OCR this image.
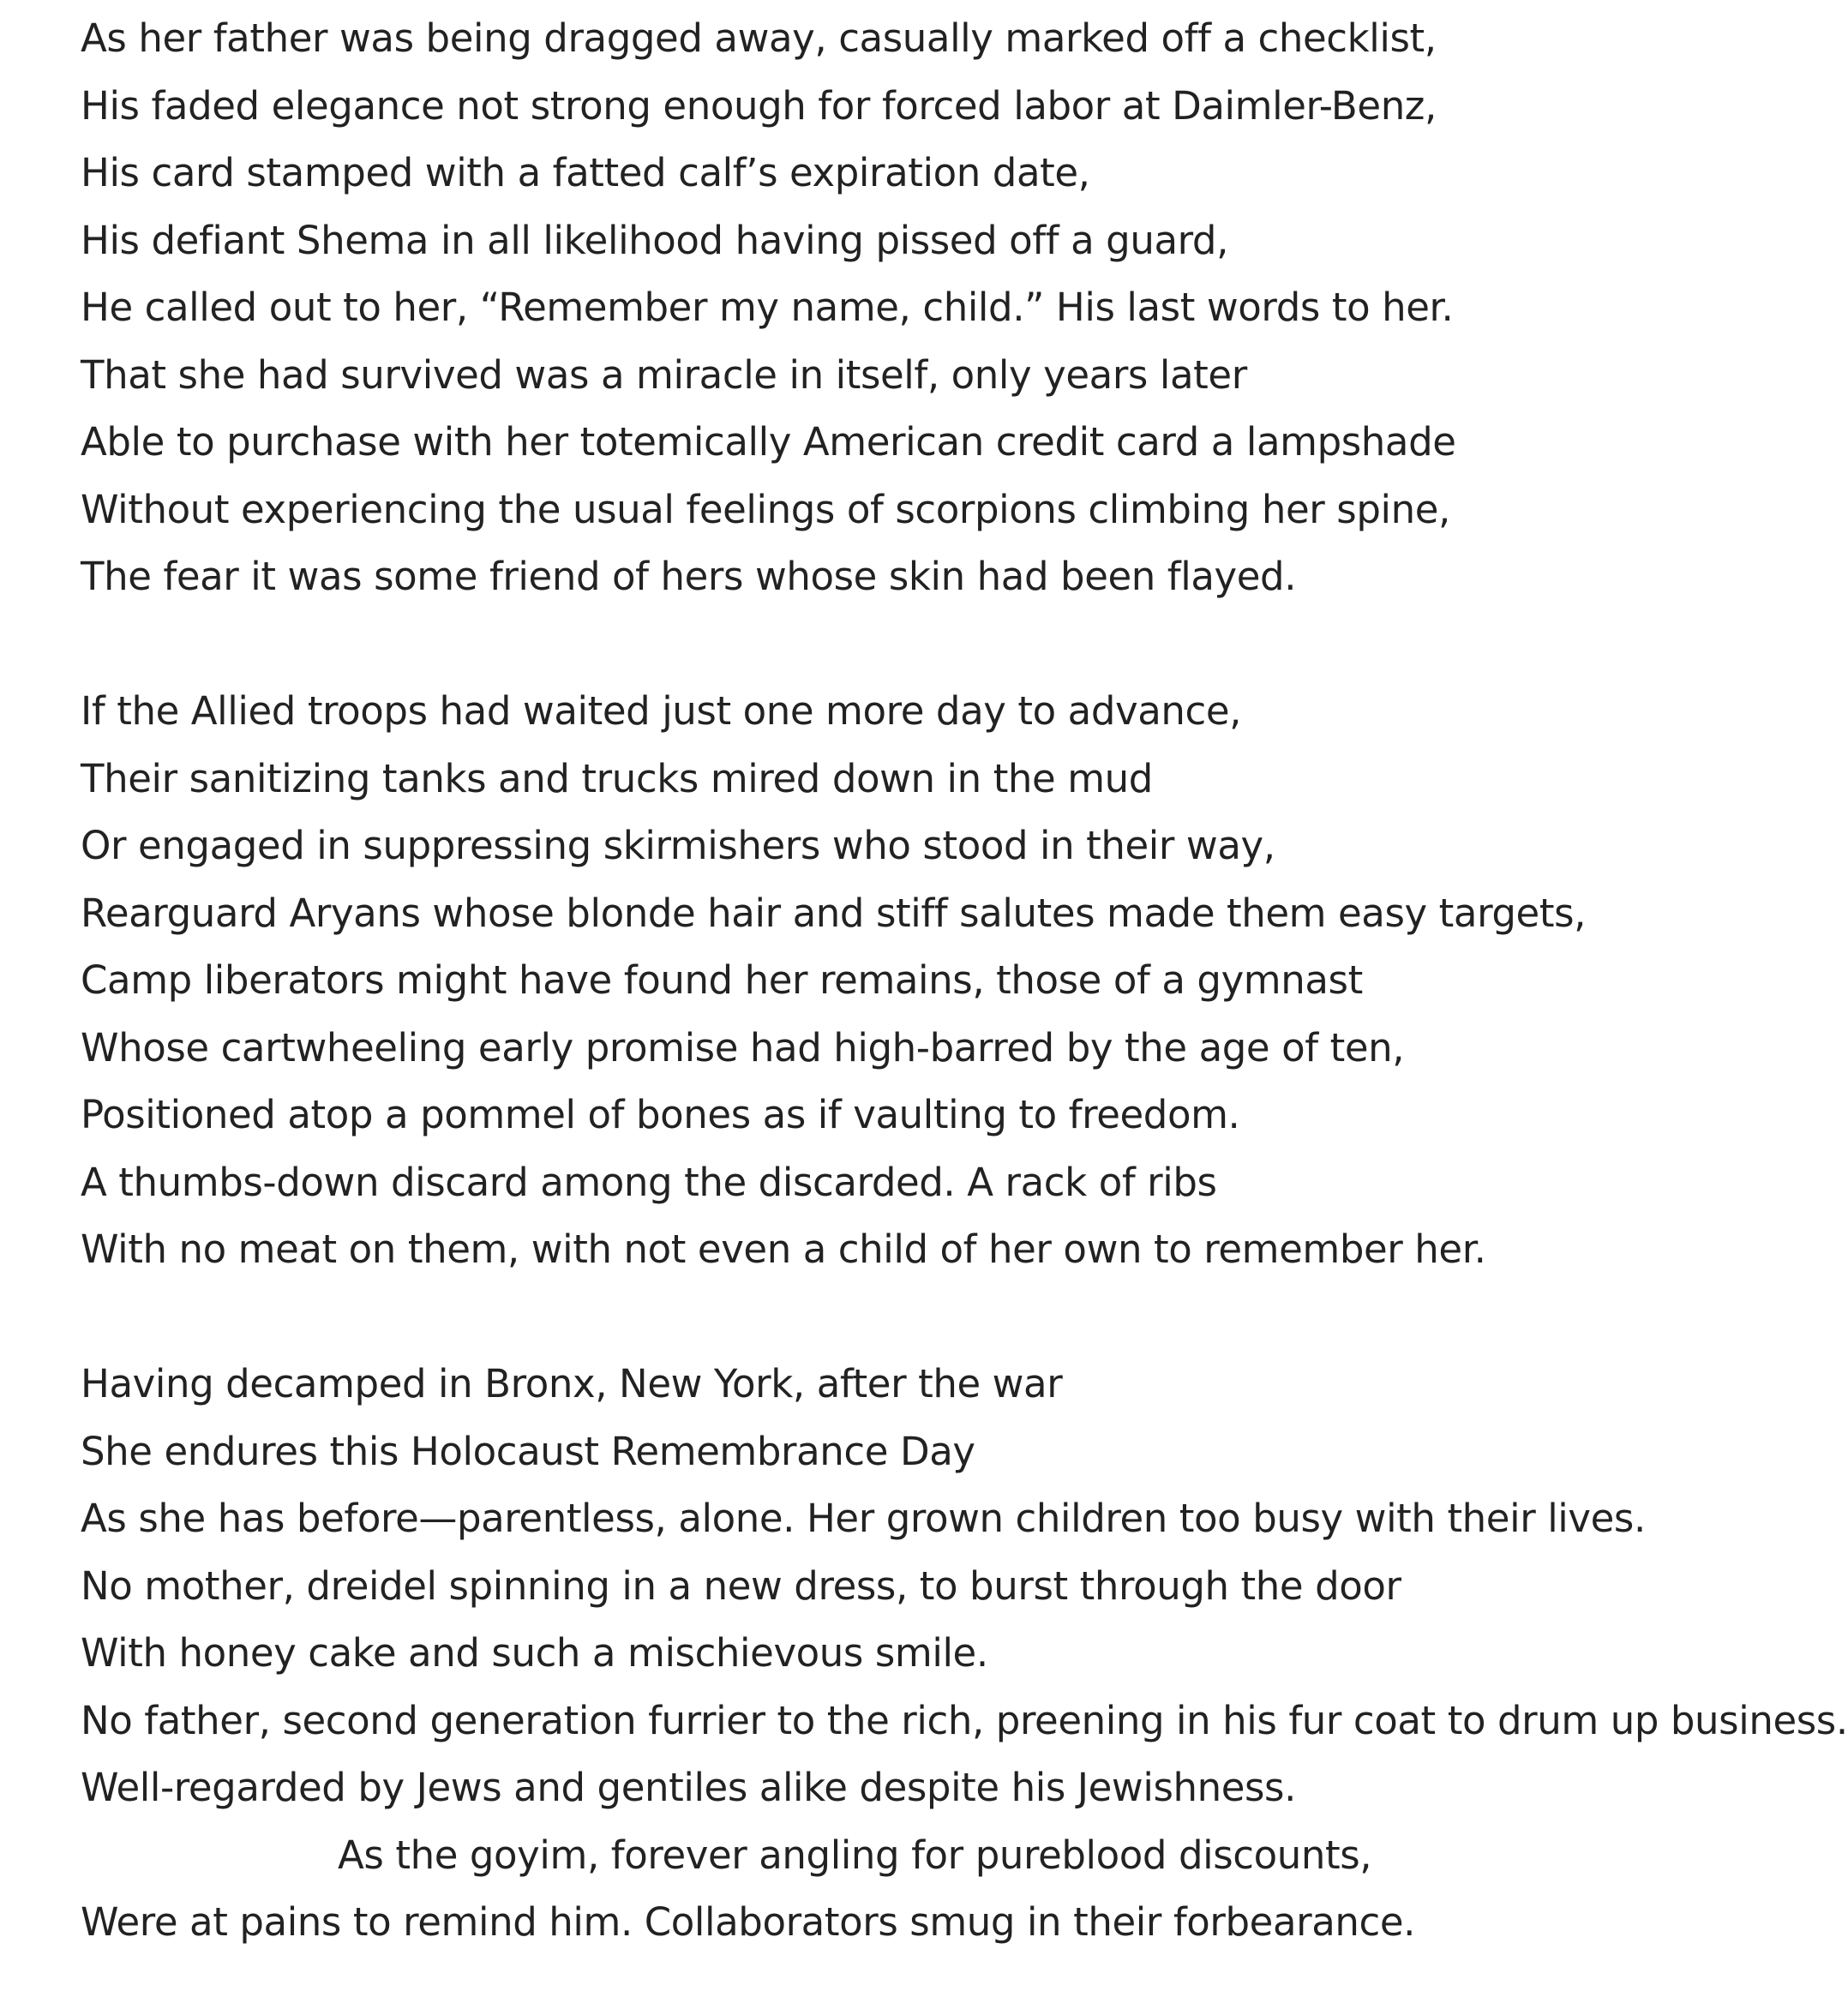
As her father was being dragged away, casually marked off a checklist,
His faded elegance not strong enough for forced labor at Daimler-Benz,
His card stamped with a fatted calf’s expiration date,
His defiant Shema in all likelihood having pissed off a guard,
He called out to her, “Remember my name, child.” His last words to her.
That she had survived was a miracle in itself, only years later
Able to purchase with her totemically American credit card a lampshade
Without experiencing the usual feelings of scorpions climbing her spine,
The fear it was some friend of hers whose skin had been flayed.
If the Allied troops had waited just one more day to advance,
Their sanitizing tanks and trucks mired down in the mud
Or engaged in suppressing skirmishers who stood in their way,
Rearguard Aryans whose blonde hair and stiff salutes made them easy targets,
Camp liberators might have found her remains, those of a gymnast
Whose cartwheeling early promise had high-barred by the age of ten,
Positioned atop a pommel of bones as if vaulting to freedom.
A thumbs-down discard among the discarded. A rack of ribs
With no meat on them, with not even a child of her own to remember her.
Having decamped in Bronx, New York, after the war
She endures this Holocaust Remembrance Day
As she has before—parentless, alone. Her grown children too busy with their lives.
No mother, dreidel spinning in a new dress, to burst through the door
With honey cake and such a mischievous smile.
No father, second generation furrier to the rich, preening in his fur coat to drum up business.
Well-regarded by Jews and gentiles alike despite his Jewishness.
As the goyim, forever angling for pureblood discounts,
Were at pains to remind him. Collaborators smug in their forbearance.
